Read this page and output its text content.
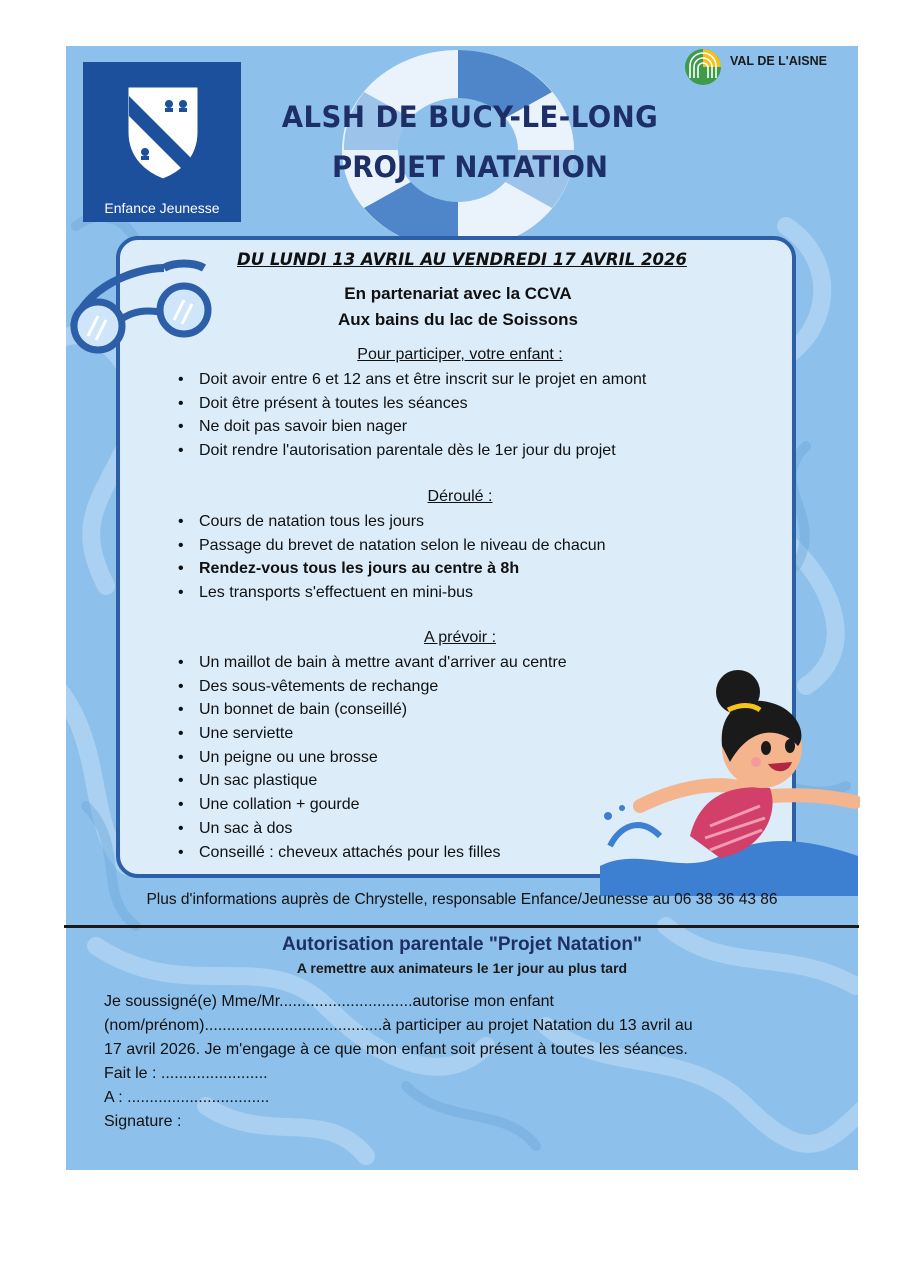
Enfance Jeunesse
VAL DE L'AISNE
ALSH DE BUCY-LE-LONG
PROJET NATATION
DU LUNDI 13 AVRIL AU VENDREDI 17 AVRIL 2026
En partenariat avec la CCVA
Aux bains du lac de Soissons
Pour participer, votre enfant :
• Doit avoir entre 6 et 12 ans et être inscrit sur le projet en amont
• Doit être présent à toutes les séances
• Ne doit pas savoir bien nager
• Doit rendre l'autorisation parentale dès le 1er jour du projet
Déroulé :
• Cours de natation tous les jours
• Passage du brevet de natation selon le niveau de chacun
• Rendez-vous tous les jours au centre à 8h
• Les transports s'effectuent en mini-bus
A prévoir :
• Un maillot de bain à mettre avant d'arriver au centre
• Des sous-vêtements de rechange
• Un bonnet de bain (conseillé)
• Une serviette
• Un peigne ou une brosse
• Un sac plastique
• Une collation + gourde
• Un sac à dos
• Conseillé : cheveux attachés pour les filles
Plus d'informations auprès de Chrystelle, responsable Enfance/Jeunesse au 06 38 36 43 86
Autorisation parentale "Projet Natation"
A remettre aux animateurs le 1er jour au plus tard
Je soussigné(e) Mme/Mr..............................autorise mon enfant
(nom/prénom)........................................à participer au projet Natation du 13 avril au
17 avril 2026. Je m'engage à ce que mon enfant soit présent à toutes les séances.
Fait le : ........................
A : ................................
Signature :
